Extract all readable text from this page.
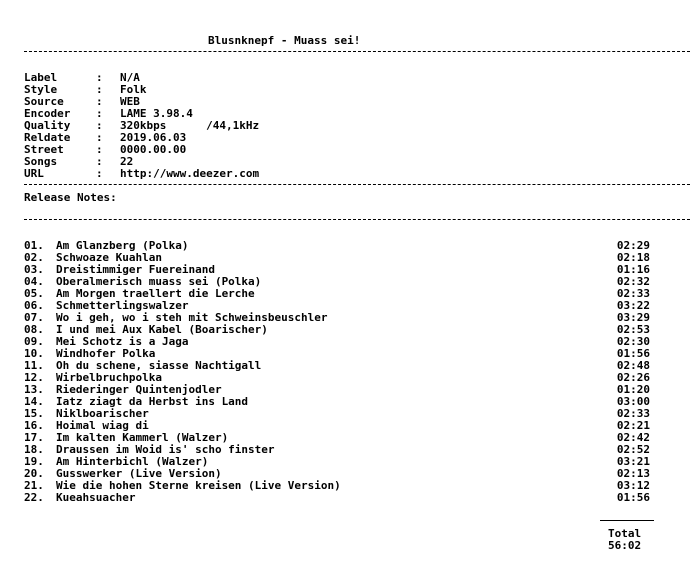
Blusnknepf - Muass sei!
Label	: N/A
Style	: Folk
Source	: WEB
Encoder	: LAME 3.98.4
Quality	: 320kbps      /44,1kHz
Reldate	: 2019.06.03
Street	: 0000.00.00
Songs	: 22
URL	: http://www.deezer.com
Release Notes:
01.	Am Glanzberg (Polka)	02:29
02.	Schwoaze Kuahlan	02:18
03.	Dreistimmiger Fuereinand	01:16
04.	Oberalmerisch muass sei (Polka)	02:32
05.	Am Morgen traellert die Lerche	02:33
06.	Schmetterlingswalzer	03:22
07.	Wo i geh, wo i steh mit Schweinsbeuschler	03:29
08.	I und mei Aux Kabel (Boarischer)	02:53
09.	Mei Schotz is a Jaga	02:30
10.	Windhofer Polka	01:56
11.	Oh du schene, siasse Nachtigall	02:48
12.	Wirbelbruchpolka	02:26
13.	Riederinger Quintenjodler	01:20
14.	Iatz ziagt da Herbst ins Land	03:00
15.	Niklboarischer	02:33
16.	Hoimal wiag di	02:21
17.	Im kalten Kammerl (Walzer)	02:42
18.	Draussen im Woid is' scho finster	02:52
19.	Am Hinterbichl (Walzer)	03:21
20.	Gusswerker (Live Version)	02:13
21.	Wie die hohen Sterne kreisen (Live Version)	03:12
22.	Kueahsuacher	01:56
Total
56:02
